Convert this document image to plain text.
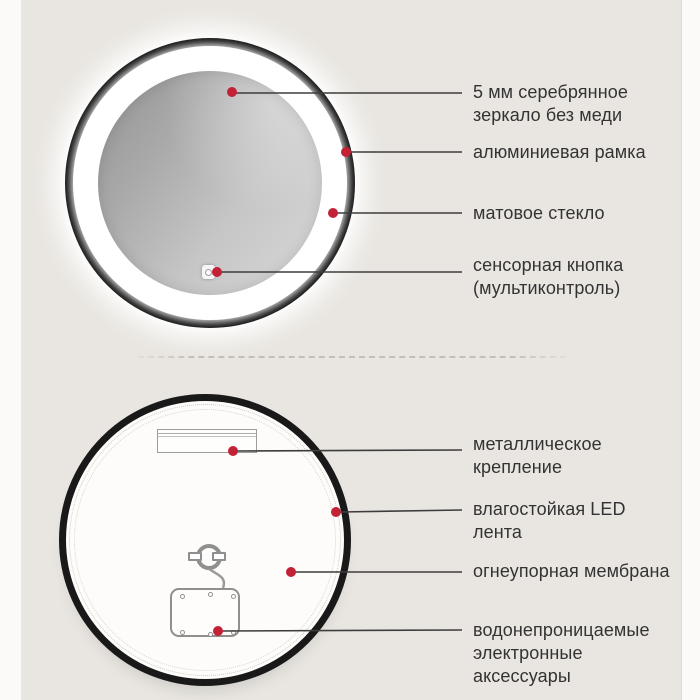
5 мм серебрянное
зеркало без меди
алюминиевая рамка
матовое стекло
сенсорная кнопка
(мультиконтроль)
металлическое
крепление
влагостойкая LED
лента
огнеупорная мембрана
водонепроницаемые
электронные
аксессуары
